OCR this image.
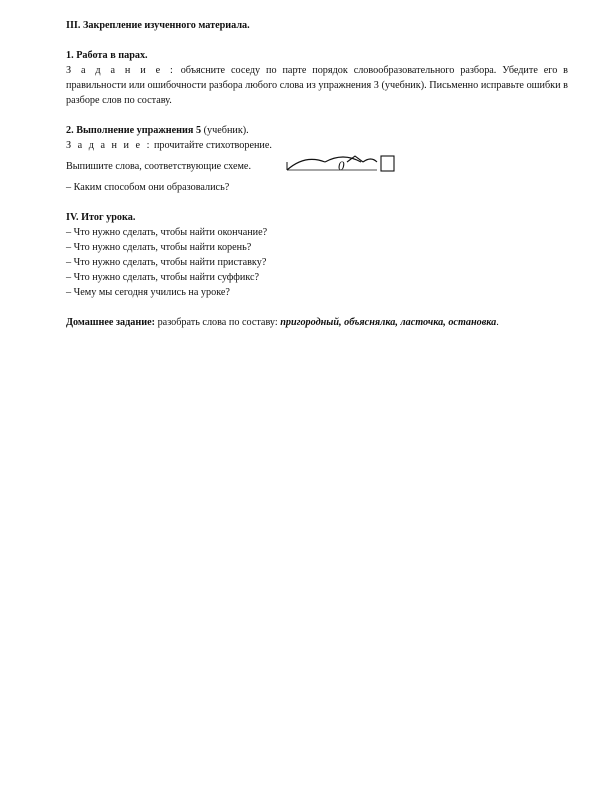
III. Закрепление изученного материала.

1. Работа в парах.

З а д а н и е : объясните соседу по парте порядок словообразовательного разбора. Убедите его в правильности или ошибочности разбора любого слова из упражнения 3 (учебник). Письменно исправьте ошибки в разборе слов по составу.

2. Выполнение упражнения 5 (учебник).

З а д а н и е : прочитайте стихотворение.

Выпишите слова, соответствующие схеме.	0

– Каким способом они образовались?

IV. Итог урока.

– Что нужно сделать, чтобы найти окончание?

– Что нужно сделать, чтобы найти корень?

– Что нужно сделать, чтобы найти приставку?

– Что нужно сделать, чтобы найти суффикс?

– Чему мы сегодня учились на уроке?

Домашнее задание: разобрать слова по составу: пригородный, объяснялка, ласточка, остановка.
